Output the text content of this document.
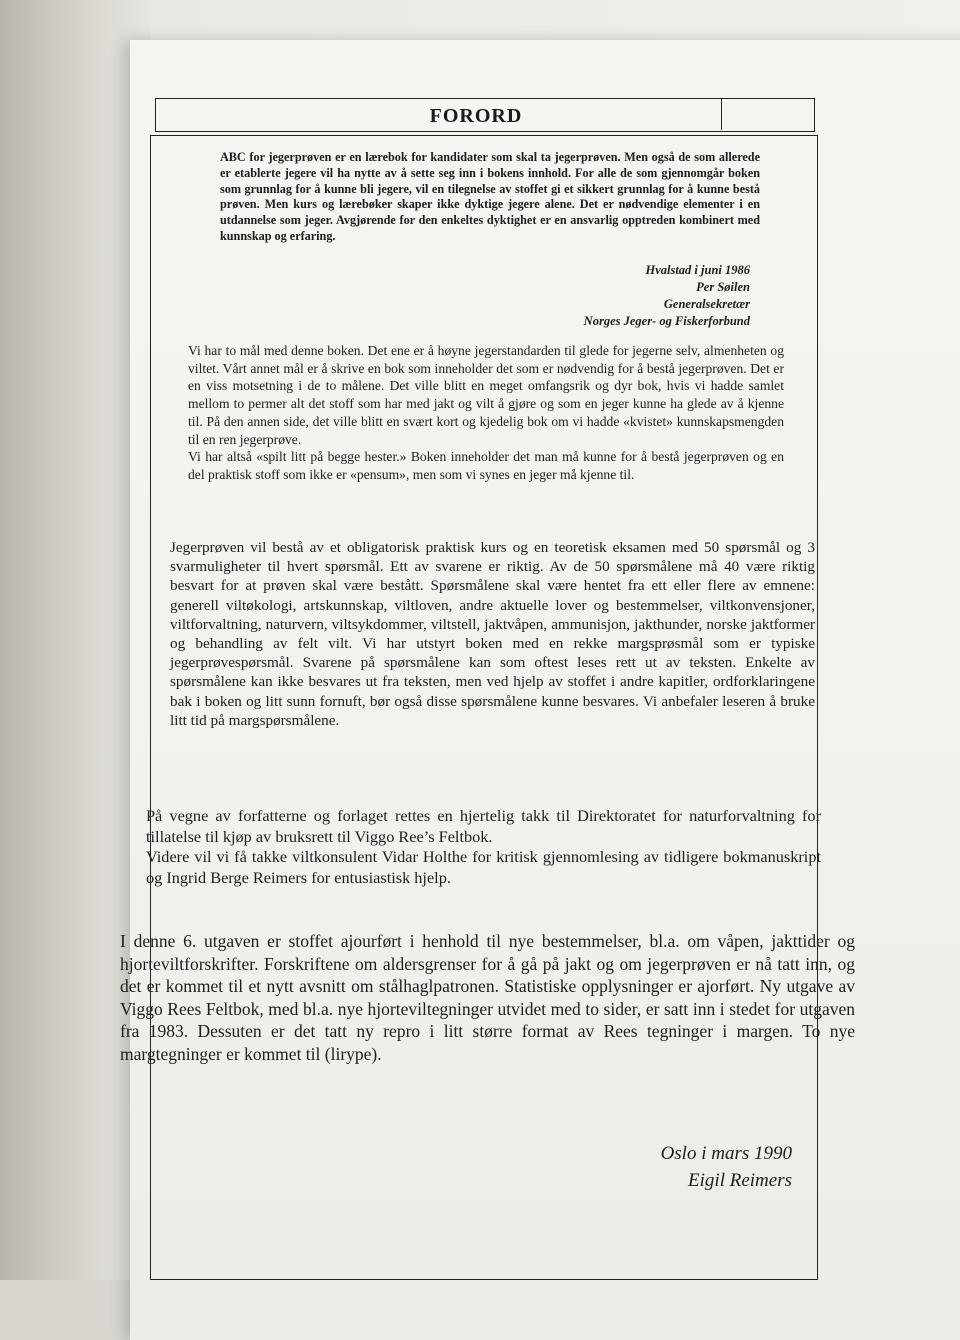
FORORD

ABC for jegerprøven er en lærebok for kandidater som skal ta jegerprøven. Men også de som allerede er etablerte jegere vil ha nytte av å sette seg inn i bokens innhold. For alle de som gjennomgår boken som grunnlag for å kunne bli jegere, vil en tilegnelse av stoffet gi et sikkert grunnlag for å kunne bestå prøven. Men kurs og lærebøker skaper ikke dyktige jegere alene. Det er nødvendige elementer i en utdannelse som jeger. Avgjørende for den enkeltes dyktighet er en ansvarlig opptreden kombinert med kunnskap og erfaring.

Hvalstad i juni 1986
Per Søilen
Generalsekretær
Norges Jeger- og Fiskerforbund
Vi har to mål med denne boken. Det ene er å høyne jegerstandarden til glede for jegerne selv, almenheten og viltet. Vårt annet mål er å skrive en bok som inneholder det som er nødvendig for å bestå jegerprøven. Det er en viss motsetning i de to målene. Det ville blitt en meget omfangsrik og dyr bok, hvis vi hadde samlet mellom to permer alt det stoff som har med jakt og vilt å gjøre og som en jeger kunne ha glede av å kjenne til. På den annen side, det ville blitt en svært kort og kjedelig bok om vi hadde «kvistet» kunnskapsmengden til en ren jegerprøve.
Vi har altså «spilt litt på begge hester.» Boken inneholder det man må kunne for å bestå jegerprøven og en del praktisk stoff som ikke er «pensum», men som vi synes en jeger må kjenne til.

Jegerprøven vil bestå av et obligatorisk praktisk kurs og en teoretisk eksamen med 50 spørsmål og 3 svarmuligheter til hvert spørsmål. Ett av svarene er riktig. Av de 50 spørsmålene må 40 være riktig besvart for at prøven skal være bestått. Spørsmålene skal være hentet fra ett eller flere av emnene: generell viltøkologi, artskunnskap, viltloven, andre aktuelle lover og bestemmelser, viltkonvensjoner, viltforvaltning, naturvern, viltsykdommer, viltstell, jaktvåpen, ammunisjon, jakthunder, norske jaktformer og behandling av felt vilt. Vi har utstyrt boken med en rekke margsprøsmål som er typiske jegerprøvespørsmål. Svarene på spørsmålene kan som oftest leses rett ut av teksten. Enkelte av spørsmålene kan ikke besvares ut fra teksten, men ved hjelp av stoffet i andre kapitler, ordforklaringene bak i boken og litt sunn fornuft, bør også disse spørsmålene kunne besvares. Vi anbefaler leseren å bruke litt tid på margspørsmålene.

På vegne av forfatterne og forlaget rettes en hjertelig takk til Direktoratet for naturforvaltning for tillatelse til kjøp av bruksrett til Viggo Ree’s Feltbok.
Videre vil vi få takke viltkonsulent Vidar Holthe for kritisk gjennomlesing av tidligere bokmanuskript og Ingrid Berge Reimers for entusiastisk hjelp.

I denne 6. utgaven er stoffet ajourført i henhold til nye bestemmelser, bl.a. om våpen, jakttider og hjorteviltforskrifter. Forskriftene om aldersgrenser for å gå på jakt og om jegerprøven er nå tatt inn, og det er kommet til et nytt avsnitt om stålhaglpatronen. Statistiske opplysninger er ajorført. Ny utgave av Viggo Rees Feltbok, med bl.a. nye hjorteviltegninger utvidet med to sider, er satt inn i stedet for utgaven fra 1983. Dessuten er det tatt ny repro i litt større format av Rees tegninger i margen. To nye margtegninger er kommet til (lirype).

Oslo i mars 1990
Eigil Reimers
